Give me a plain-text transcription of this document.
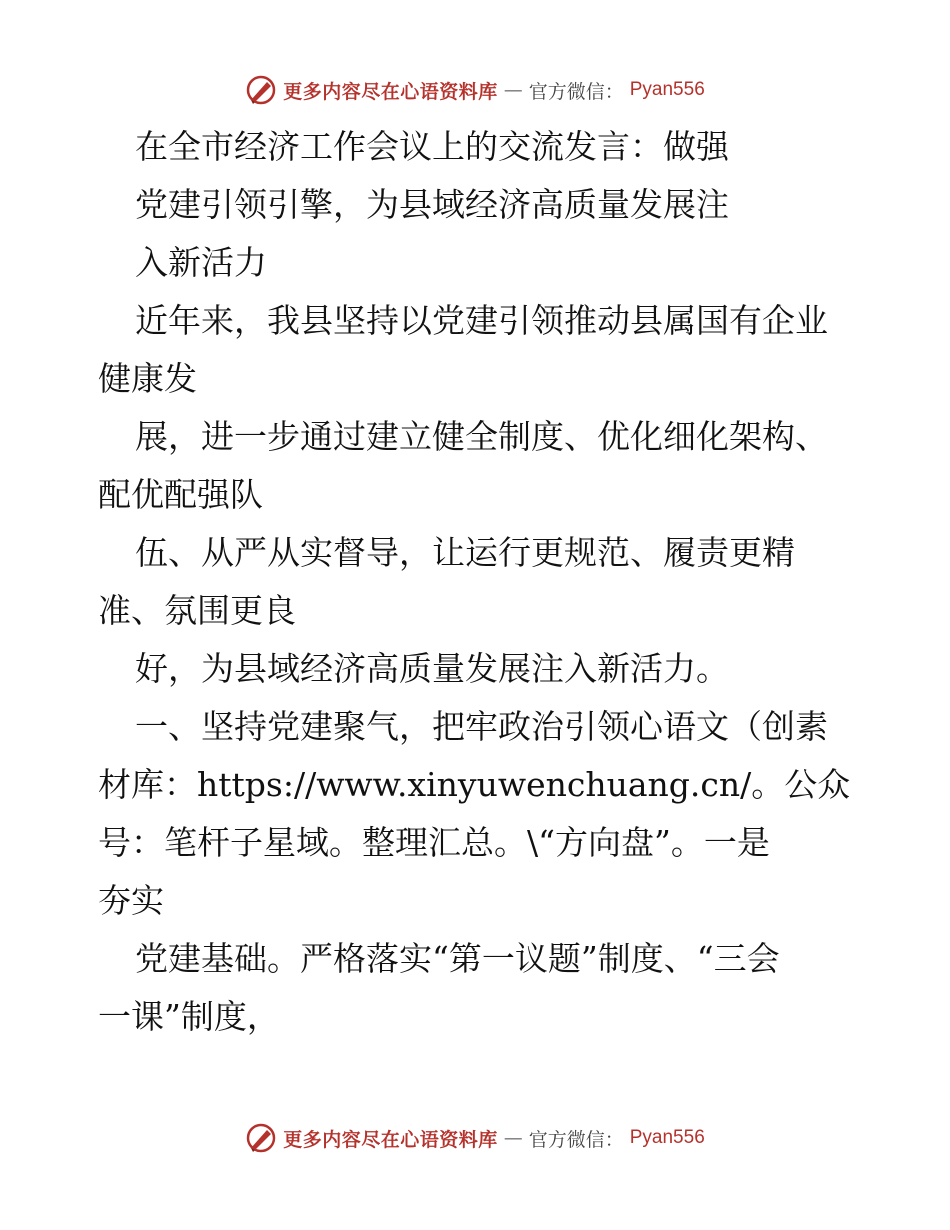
更多内容尽在心语资料库 — 官方微信： Pyan556
在全市经济工作会议上的交流发言：做强
党建引领引擎，为县域经济高质量发展注
入新活力
近年来，我县坚持以党建引领推动县属国有企业
健康发
展，进一步通过建立健全制度、优化细化架构、
配优配强队
伍、从严从实督导，让运行更规范、履责更精
准、氛围更良
好，为县域经济高质量发展注入新活力。
一、坚持党建聚气，把牢政治引领心语文（创素
材库：https://www.xinyuwenchuang.cn/。公众
号：笔杆子星域。整理汇总。\“方向盘”。一是
夯实
党建基础。严格落实“第一议题”制度、“三会
一课”制度，
更多内容尽在心语资料库 — 官方微信： Pyan556
